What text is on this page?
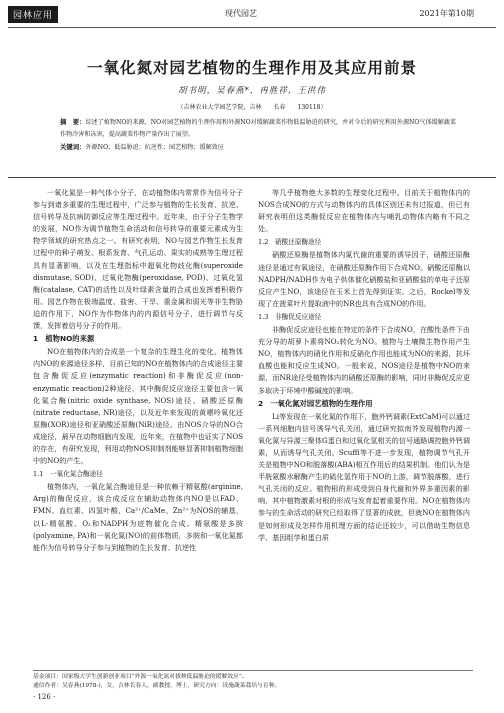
园林应用	现代园艺	2021年第10期
一氧化氮对园艺植物的生理作用及其应用前景
胡书明，吴春燕*，冉胜祥，王洪伟
（吉林农业大学园艺学院，吉林　　长春　　130118）
摘　要：综述了植物NO的来源，NO对园艺植物的生理作用和外源NO对缓解蔬菜作物低温胁迫的研究，并对今后的研究利用外源NO气体缓解蔬菜作物冷害和冻害，提高蔬菜作物产量作出了展望。
关键词：外源NO；低温胁迫；抗逆性；园艺植物；缓解效应

一氧化氮是一种气体小分子，在动植物体内常常作为信号分子参与到诸多重要的生理过程中，广泛参与植物的生长发育、抗逆、信号转导及抗病防御反应等生理过程中。近年来，由于分子生物学的发展，NO作为调节植物生命活动和信号转导的重要元素成为生物学领域的研究热点之一。有研究表明，NO与园艺作物生长发育过程中的种子萌发、根系发育、气孔运动、果实的成熟等生理过程具有显著影响，以及在生理指标中超氧化物歧化酶(superoxide dismutase, SOD)、过氧化物酶(peroxidase, POD)、过氧化氢酶(catalase, CAT)的活性以及叶绿素含量的合成也发挥着积极作用。园艺作物在极端温度、盐害、干旱、重金属和弱光等非生物胁迫的作用下，NO作为作物体内的内源信号分子，进行调节与反馈，发挥着信号分子的作用。

1　植物NO的来源

NO在植物体内的合成是一个复杂的生理生化的变化。植物体内NO的来源途径多样，目前已知的NO在植物体内的合成途径主要包含酶促反应(enzymatic reaction)和非酶促反应(non-enzymatic reaction)2种途径，其中酶促反应途径主要包含一氧化氮合酶(nitric oxide synthase, NOS)途径、硝酸还原酶(nitrate reductase, NR)途径，以及近年来发现的黄嘌呤氧化还原酶(XOR)途径和亚硝酸还原酶(NiR)途径。由NOS介导的NO合成途径，最早在动物细胞内发现，近年来，在植物中也证实了NOS的存在，有研究发现，利用动物NOS抑制剂能够显著抑制植物细胞中的NO的产生。

1.1　一氧化氮合酶途径

植物体内，一氧化氮合酶途径是一种依赖于精氨酸(arginine, Arg)的酶促反应，该合成反应在辅助动物体内NO是以FAD、FMN、血红素、四氢叶酸、Ca²⁺/CaMe、Zn²⁺为NOS的辅基，以L-精氨酸、O₂和NADPH为底物催化合成。精氨酸是多胺(polyamine, PA)和一氧化氮(NO)的前体物质，多胺和一氧化氮都能作为信号转导分子参与到植物的生长发育、抗逆性

等几乎植物绝大多数的生理变化过程中。目前关于植物体内的NOS合成NO的方式与动物体内的具体区别还未有过报道，但已有研究表明但这类酶促反应在植物体内与哺乳动物体内略有不同之处。

1.2　硝酸还原酶途径

硝酸还原酶是植物体内氮代谢的重要的诱导因子，硝酸还原酶途径是通过有氧途径，在硝酸还原酶作用下合成NO。硝酸还原酶以NADPH/NADH作为电子供体催化硝酸盐和亚硝酸盐的单电子还原反应产生NO，该途径在玉米上首先得到证实。之后，Rockel等发现了在菠菜叶片提取液中的NR也具有合成NO的作用。

1.3　非酶促反应途径

非酶促反应途径也能在特定的条件下合成NO，在酸性条件下由充分导的胡萝卜素将NO₂转化为NO。植物与土壤微生物作用产生NO，植物体内的硝化作用和反硝化作用也能成为NO的来源，抗坏血酸也能和反应生成NO。一般来说，NOS途径是植物中NO的来源，而NR途径受植物体内的硝酸还原酶的影响，同时非酶促反应更多取决于环境中酸碱度的影响。

2　一氧化氮对园艺植物的生理作用

Li等发现在一氧化氮的作用下，胞外钙调素(ExtCaM)可以通过一系列细胞内信号诱导气孔关闭，通过研究拟南芥发现植物内源一氧化氮与异源三聚体G蛋白和过氧化氢相关的信号通路调控胞外钙调素，从而诱导气孔关闭。Scuffi等不进一步发现，植物调节气孔开关是植物中NO和脱落酸(ABA)相互作用后的结果机制。他们认为是半胱氨酸水解酶产生的硫化氢作用于NO的上游，调节脱落酸，进行气孔关闭的反应。植物根的形成受到自身代谢和外界多重因素的影响，其中植物激素对根的形成与发育起着重要作用。NO在植物体内参与的生命活动的研究已经取得了显著的成就，但就NO在植物体内是如何形成及怎样作用机理方面的结论还较少，可以借助生物信息学、基因组学和蛋白质

基金项目：国家级大学生创新创业项目“外源一氧化氮对拔秧低温胁迫的缓解效应”。
通信作者：吴春燕(1978-)，女，吉林长春人，副教授，博士，研究方向：设施蔬菜栽培与育种。
· 126 ·
